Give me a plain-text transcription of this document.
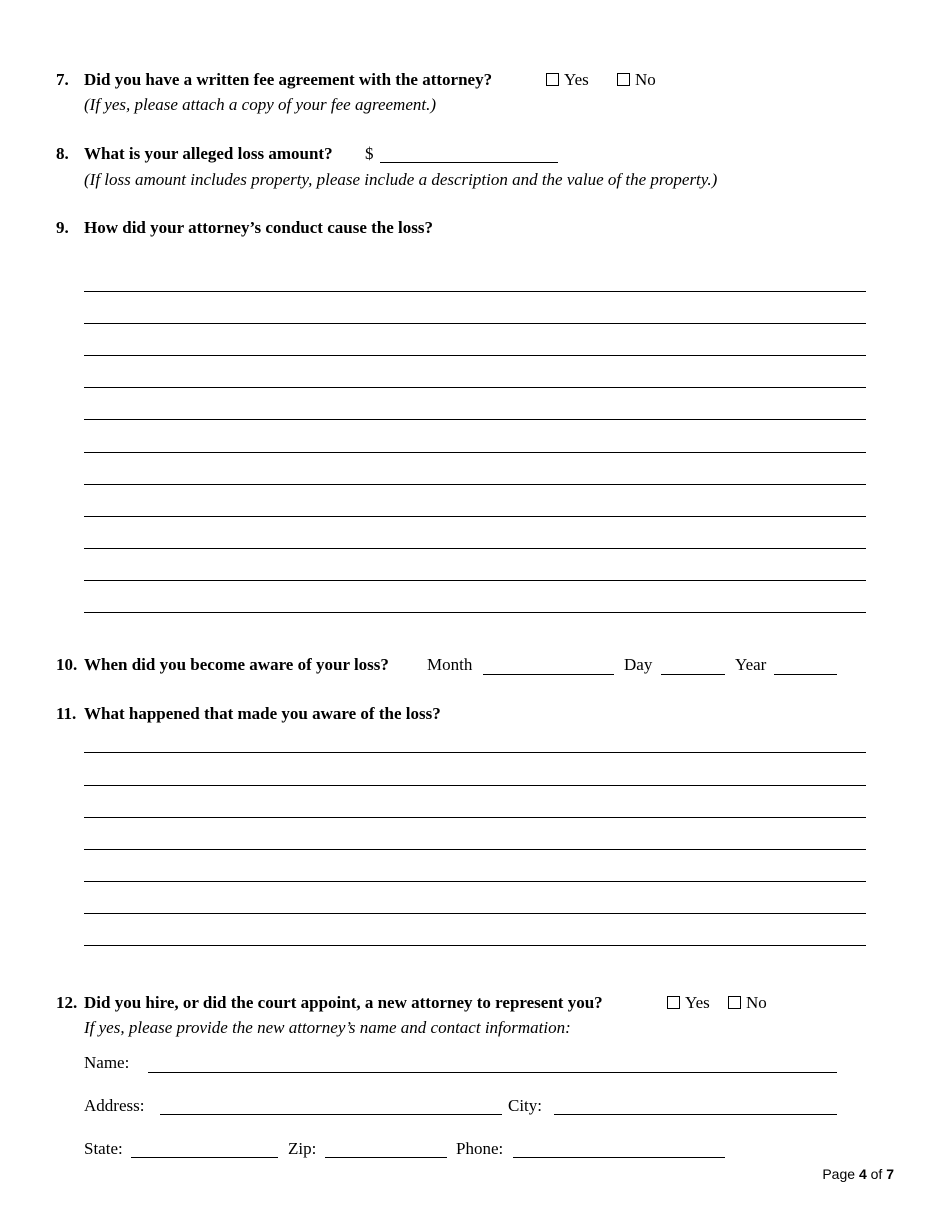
7. Did you have a written fee agreement with the attorney?	Yes	No
(If yes, please attach a copy of your fee agreement.)
8. What is your alleged loss amount? $
(If loss amount includes property, please include a description and the value of the property.)
9. How did your attorney’s conduct cause the loss?
10. When did you become aware of your loss? Month	Day	Year
11. What happened that made you aware of the loss?
12. Did you hire, or did the court appoint, a new attorney to represent you?	Yes	No
If yes, please provide the new attorney’s name and contact information:
Name:
Address:	City:
State:	Zip:	Phone:
Page 4 of 7
